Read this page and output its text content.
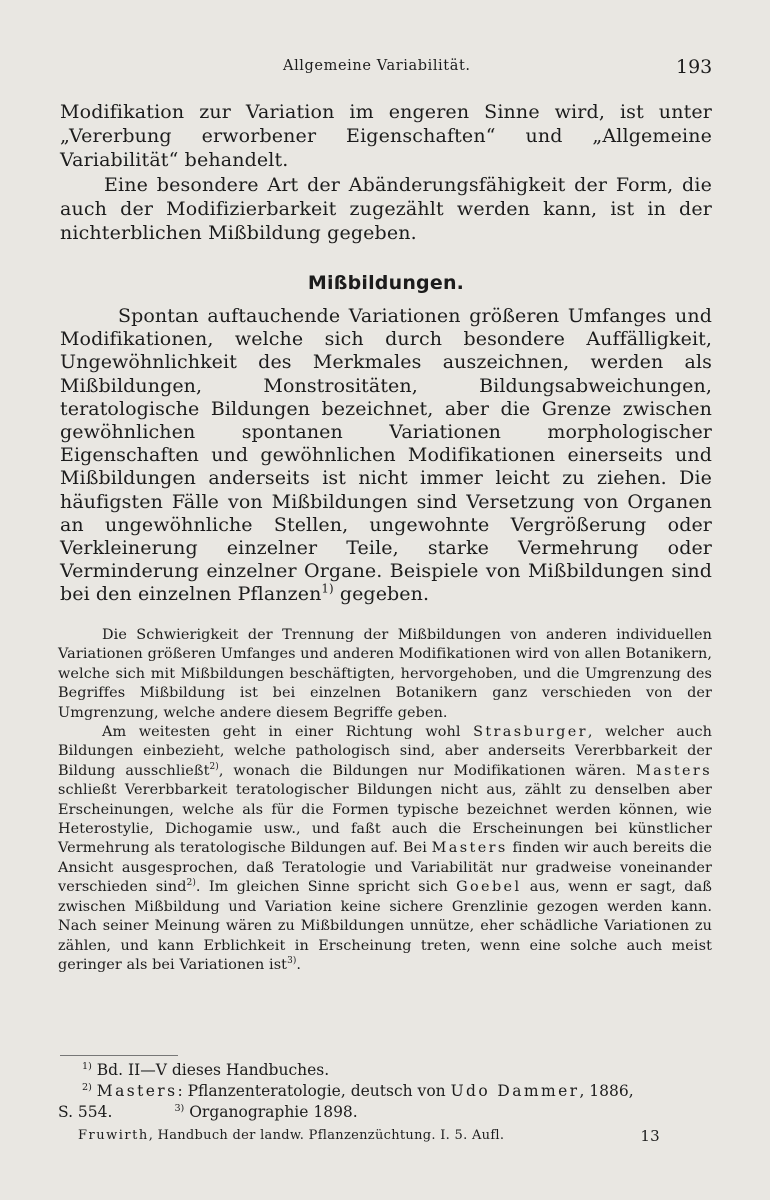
Allgemeine Variabilität.	193

Modifikation zur Variation im engeren Sinne wird, ist unter „Vererbung erworbener Eigenschaften“ und „Allgemeine Variabilität“ behandelt.

Eine besondere Art der Abänderungsfähigkeit der Form, die auch der Modifizierbarkeit zugezählt werden kann, ist in der nichterblichen Mißbildung gegeben.

Mißbildungen.

Spontan auftauchende Variationen größeren Umfanges und Modifikationen, welche sich durch besondere Auffälligkeit, Ungewöhnlichkeit des Merkmales auszeichnen, werden als Mißbildungen, Monstrositäten, Bildungsabweichungen, teratologische Bildungen bezeichnet, aber die Grenze zwischen gewöhnlichen spontanen Variationen morphologischer Eigenschaften und gewöhnlichen Modifikationen einerseits und Mißbildungen anderseits ist nicht immer leicht zu ziehen. Die häufigsten Fälle von Mißbildungen sind Versetzung von Organen an ungewöhnliche Stellen, ungewohnte Vergrößerung oder Verkleinerung einzelner Teile, starke Vermehrung oder Verminderung einzelner Organe. Beispiele von Mißbildungen sind bei den einzelnen Pflanzen$^{1)}$ gegeben.

Die Schwierigkeit der Trennung der Mißbildungen von anderen individuellen Variationen größeren Umfanges und anderen Modifikationen wird von allen Botanikern, welche sich mit Mißbildungen beschäftigten, hervorgehoben, und die Umgrenzung des Begriffes Mißbildung ist bei einzelnen Botanikern ganz verschieden von der Umgrenzung, welche andere diesem Begriffe geben.

Am weitesten geht in einer Richtung wohl Strasburger, welcher auch Bildungen einbezieht, welche pathologisch sind, aber anderseits Vererbbarkeit der Bildung ausschließt$^{2)}$, wonach die Bildungen nur Modifikationen wären. Masters schließt Vererbbarkeit teratologischer Bildungen nicht aus, zählt zu denselben aber Erscheinungen, welche als für die Formen typische bezeichnet werden können, wie Heterostylie, Dichogamie usw., und faßt auch die Erscheinungen bei künstlicher Vermehrung als teratologische Bildungen auf. Bei Masters finden wir auch bereits die Ansicht ausgesprochen, daß Teratologie und Variabilität nur gradweise voneinander verschieden sind$^{2)}$. Im gleichen Sinne spricht sich Goebel aus, wenn er sagt, daß zwischen Mißbildung und Variation keine sichere Grenzlinie gezogen werden kann. Nach seiner Meinung wären zu Mißbildungen unnütze, eher schädliche Variationen zu zählen, und kann Erblichkeit in Erscheinung treten, wenn eine solche auch meist geringer als bei Variationen ist$^{3)}$.

$^{1)}$ Bd. II—V dieses Handbuches.

$^{2)}$ Masters: Pflanzenteratologie, deutsch von Udo Dammer, 1886,

S. 554.	$^{3)}$ Organographie 1898.

Fruwirth, Handbuch der landw. Pflanzenzüchtung. I. 5. Aufl.	13
